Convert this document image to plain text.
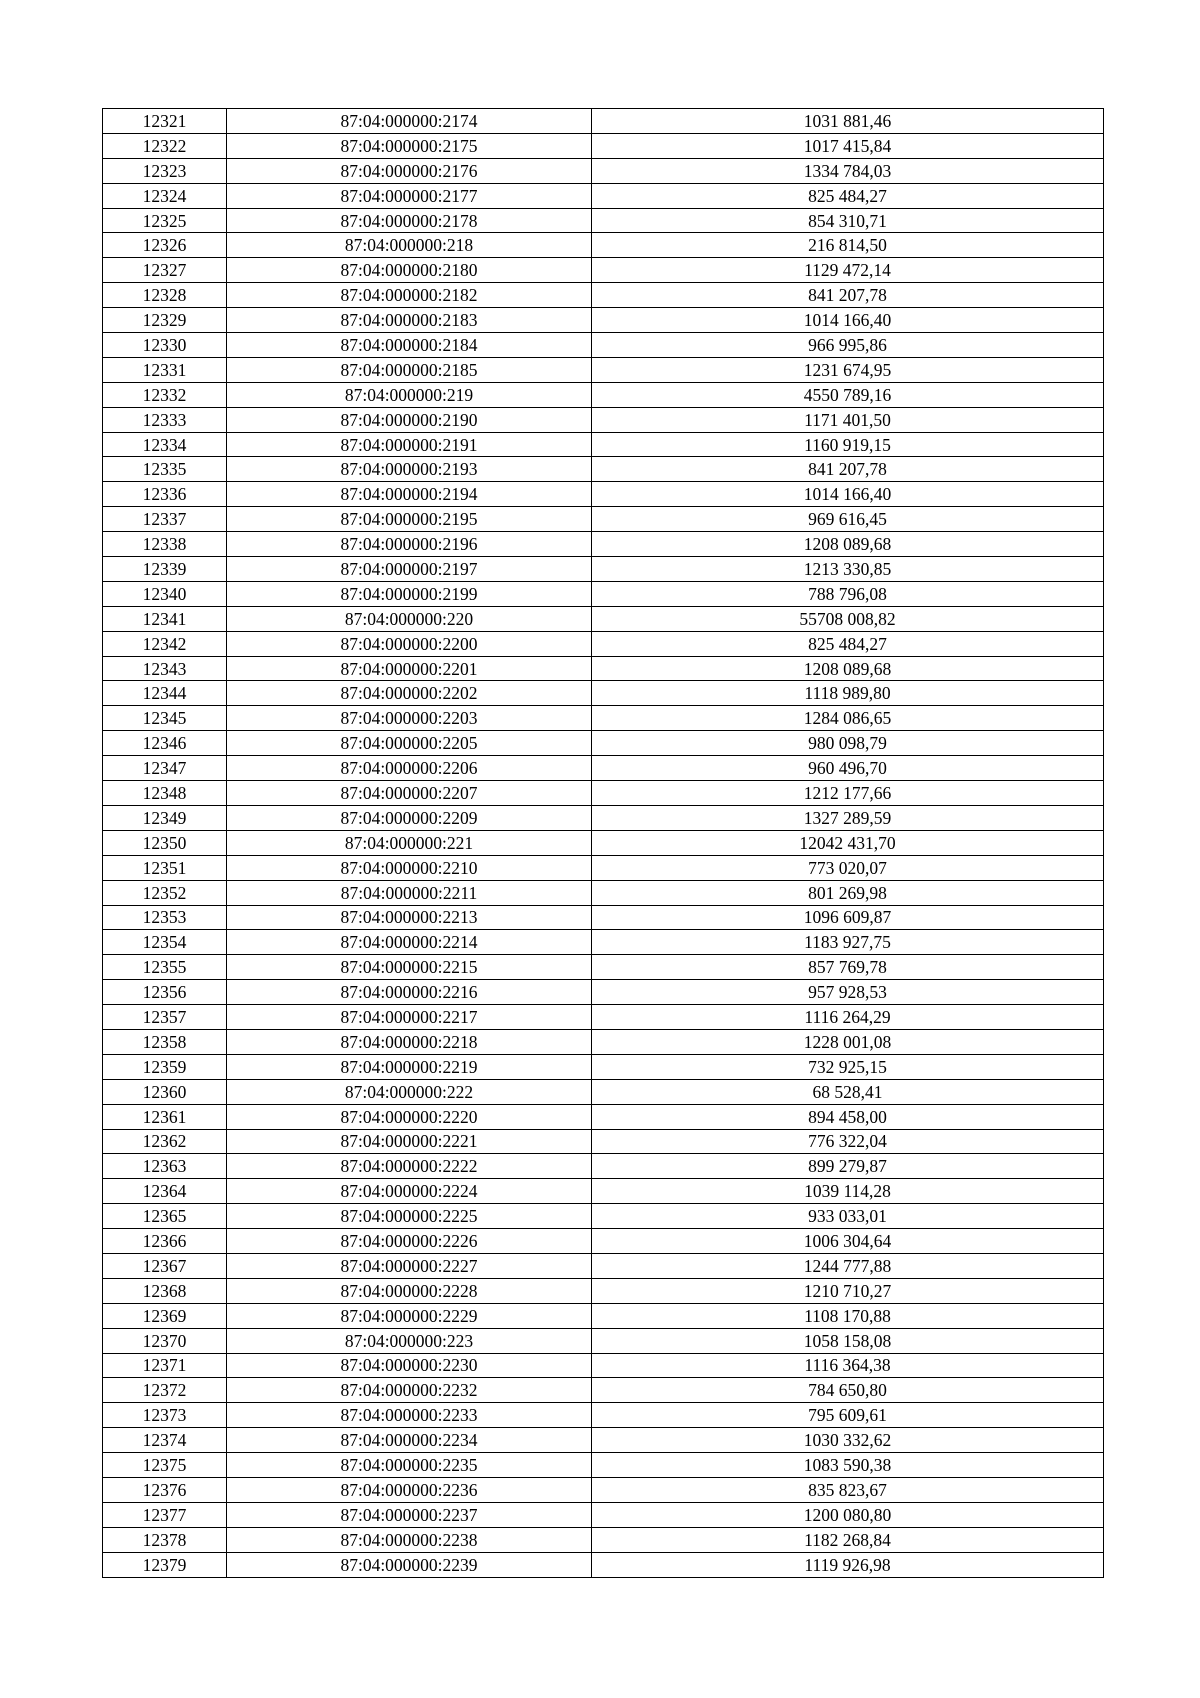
12321	87:04:000000:2174	1031 881,46
12322	87:04:000000:2175	1017 415,84
12323	87:04:000000:2176	1334 784,03
12324	87:04:000000:2177	825 484,27
12325	87:04:000000:2178	854 310,71
12326	87:04:000000:218	216 814,50
12327	87:04:000000:2180	1129 472,14
12328	87:04:000000:2182	841 207,78
12329	87:04:000000:2183	1014 166,40
12330	87:04:000000:2184	966 995,86
12331	87:04:000000:2185	1231 674,95
12332	87:04:000000:219	4550 789,16
12333	87:04:000000:2190	1171 401,50
12334	87:04:000000:2191	1160 919,15
12335	87:04:000000:2193	841 207,78
12336	87:04:000000:2194	1014 166,40
12337	87:04:000000:2195	969 616,45
12338	87:04:000000:2196	1208 089,68
12339	87:04:000000:2197	1213 330,85
12340	87:04:000000:2199	788 796,08
12341	87:04:000000:220	55708 008,82
12342	87:04:000000:2200	825 484,27
12343	87:04:000000:2201	1208 089,68
12344	87:04:000000:2202	1118 989,80
12345	87:04:000000:2203	1284 086,65
12346	87:04:000000:2205	980 098,79
12347	87:04:000000:2206	960 496,70
12348	87:04:000000:2207	1212 177,66
12349	87:04:000000:2209	1327 289,59
12350	87:04:000000:221	12042 431,70
12351	87:04:000000:2210	773 020,07
12352	87:04:000000:2211	801 269,98
12353	87:04:000000:2213	1096 609,87
12354	87:04:000000:2214	1183 927,75
12355	87:04:000000:2215	857 769,78
12356	87:04:000000:2216	957 928,53
12357	87:04:000000:2217	1116 264,29
12358	87:04:000000:2218	1228 001,08
12359	87:04:000000:2219	732 925,15
12360	87:04:000000:222	68 528,41
12361	87:04:000000:2220	894 458,00
12362	87:04:000000:2221	776 322,04
12363	87:04:000000:2222	899 279,87
12364	87:04:000000:2224	1039 114,28
12365	87:04:000000:2225	933 033,01
12366	87:04:000000:2226	1006 304,64
12367	87:04:000000:2227	1244 777,88
12368	87:04:000000:2228	1210 710,27
12369	87:04:000000:2229	1108 170,88
12370	87:04:000000:223	1058 158,08
12371	87:04:000000:2230	1116 364,38
12372	87:04:000000:2232	784 650,80
12373	87:04:000000:2233	795 609,61
12374	87:04:000000:2234	1030 332,62
12375	87:04:000000:2235	1083 590,38
12376	87:04:000000:2236	835 823,67
12377	87:04:000000:2237	1200 080,80
12378	87:04:000000:2238	1182 268,84
12379	87:04:000000:2239	1119 926,98
